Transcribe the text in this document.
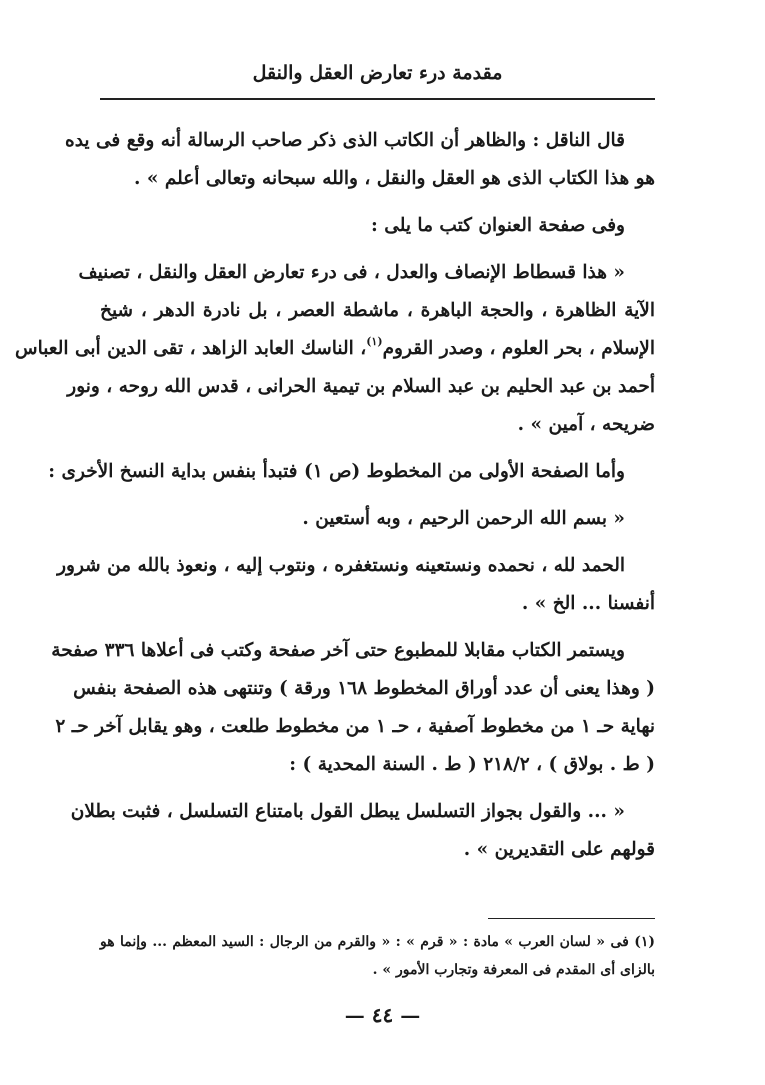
مقدمة درء تعارض العقل والنقل

قال الناقل : والظاهر أن الكاتب الذى ذكر صاحب الرسالة أنه وقع فى يده
هو هذا الكتاب الذى هو العقل والنقل ، والله سبحانه وتعالى أعلم » .

وفى صفحة العنوان كتب ما يلى :

« هذا قسطاط الإنصاف والعدل ، فى درء تعارض العقل والنقل ، تصنيف
الآية الظاهرة ، والحجة الباهرة ، ماشطة العصر ، بل نادرة الدهر ، شيخ
الإسلام ، بحر العلوم ، وصدر القروم$^{(١)}$، الناسك العابد الزاهد ، تقى الدين أبى العباس
أحمد بن عبد الحليم بن عبد السلام بن تيمية الحرانى ، قدس الله روحه ، ونور
ضريحه ، آمين » .

وأما الصفحة الأولى من المخطوط (ص ١) فتبدأ بنفس بداية النسخ الأخرى :

« بسم الله الرحمن الرحيم ، وبه أستعين .

الحمد لله ، نحمده ونستعينه ونستغفره ، ونتوب إليه ، ونعوذ بالله من شرور
أنفسنا ... الخ » .

ويستمر الكتاب مقابلا للمطبوع حتى آخر صفحة وكتب فى أعلاها ٣٣٦ صفحة
( وهذا يعنى أن عدد أوراق المخطوط ١٦٨ ورقة ) وتنتهى هذه الصفحة بنفس
نهاية حـ ١ من مخطوط آصفية ، حـ ١ من مخطوط طلعت ، وهو يقابل آخر حـ ٢
( ط . بولاق ) ، ٢١٨/٢ ( ط . السنة المحدية ) :

« ... والقول بجواز التسلسل يبطل القول بامتناع التسلسل ، فثبت بطلان
قولهم على التقديرين » .

(١) فى « لسان العرب » مادة : « قرم » : « والقرم من الرجال : السيد المعظم ... وإنما هو
بالزاى أى المقدم فى المعرفة وتجارب الأمور » .
— ٤٤ —
